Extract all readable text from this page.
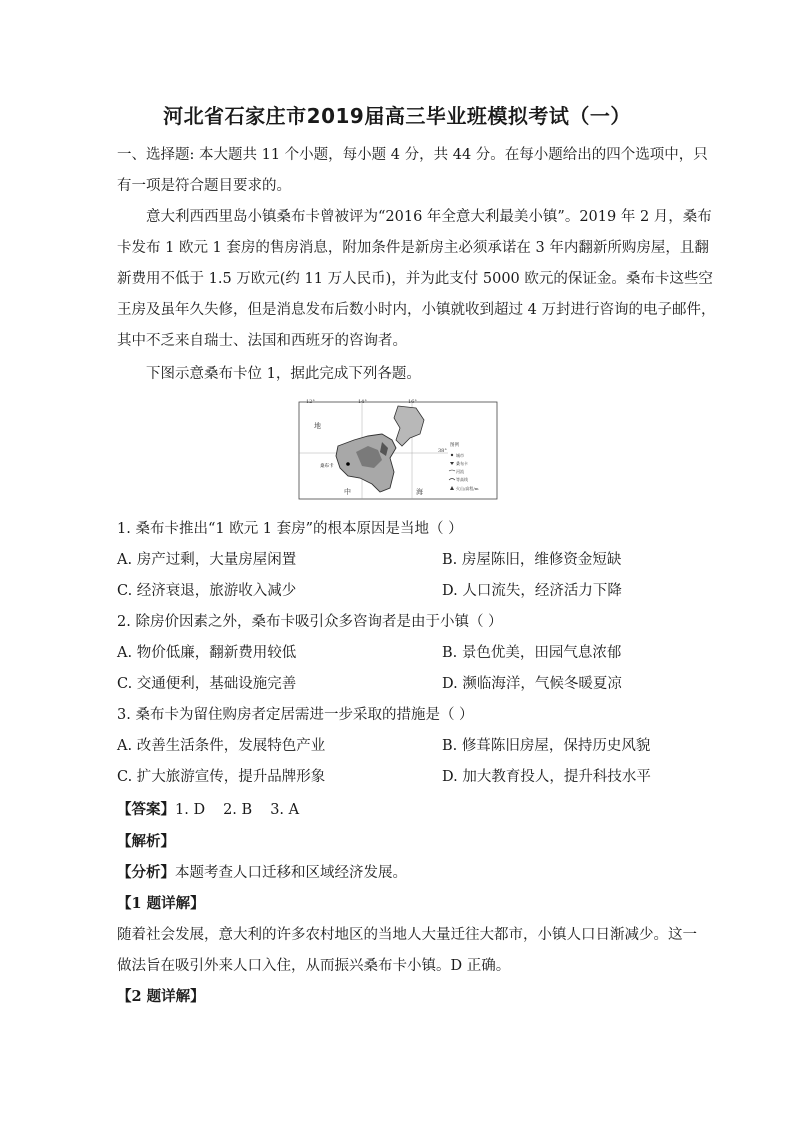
河北省石家庄市2019届高三毕业班模拟考试（一）
一、选择题: 本大题共 11 个小题，每小题 4 分，共 44 分。在每小题给出的四个选项中，只
有一项是符合题目要求的。
意大利西西里岛小镇桑布卡曾被评为“2016 年全意大利最美小镇”。2019 年 2 月，桑布
卡发布 1 欧元 1 套房的售房消息，附加条件是新房主必须承诺在 3 年内翻新所购房屋，且翻
新费用不低于 1.5 万欧元(约 11 万人民币)，并为此支付 5000 欧元的保证金。桑布卡这些空
王房及虽年久失修，但是消息发布后数小时内，小镇就收到超过 4 万封进行咨询的电子邮件，
其中不乏来自瑞士、法国和西班牙的咨询者。
下图示意桑布卡位 1，据此完成下列各题。
12°	14°	16°
38°
地
中	海
桑布卡
图例
城市
桑布卡
河流
等高线
火山/高程/m
1. 桑布卡推出“1 欧元 1 套房”的根本原因是当地（ ）
A. 房产过剩，大量房屋闲置	B. 房屋陈旧，维修资金短缺
C. 经济衰退，旅游收入减少	D. 人口流失，经济活力下降
2. 除房价因素之外，桑布卡吸引众多咨询者是由于小镇（ ）
A. 物价低廉，翻新费用较低	B. 景色优美，田园气息浓郁
C. 交通便利，基础设施完善	D. 濒临海洋，气候冬暖夏凉
3. 桑布卡为留住购房者定居需进一步采取的措施是（ ）
A. 改善生活条件，发展特色产业	B. 修葺陈旧房屋，保持历史风貌
C. 扩大旅游宣传，提升品牌形象	D. 加大教育投人，提升科技水平
【答案】1. D 2. B 3. A
【解析】
【分析】本题考查人口迁移和区域经济发展。
【1 题详解】
随着社会发展，意大利的许多农村地区的当地人大量迁往大都市，小镇人口日渐减少。这一
做法旨在吸引外来人口入住，从而振兴桑布卡小镇。D 正确。
【2 题详解】
